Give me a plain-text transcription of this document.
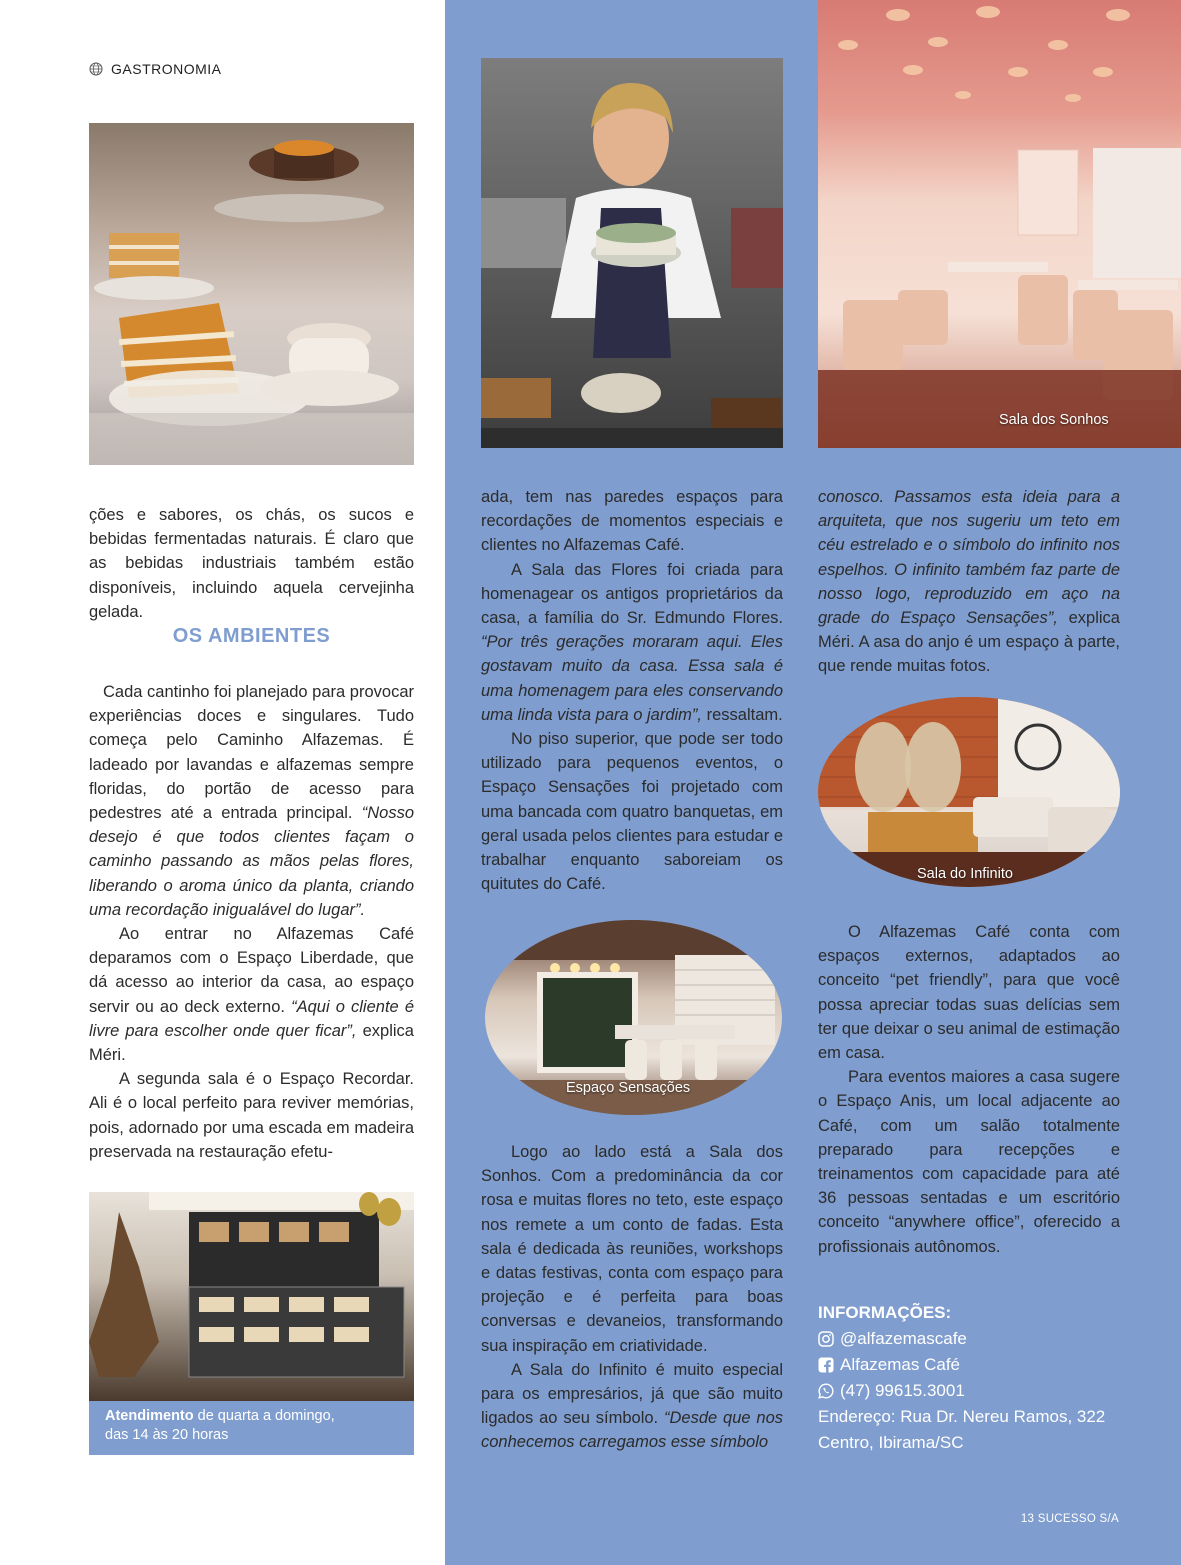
GASTRONOMIA
Sala dos Sonhos
Sala do Infinito
Espaço Sensações
Atendimento de quarta a domingo,
das 14 às 20 horas

ções e sabores, os chás, os sucos e bebidas fermentadas naturais. É claro que as bebidas industriais também estão disponíveis, incluindo aquela cervejinha gelada.

OS AMBIENTES

Cada cantinho foi planejado para provocar experiências doces e singulares. Tudo começa pelo Caminho Alfazemas. É ladeado por lavandas e alfazemas sempre floridas, do portão de acesso para pedestres até a entrada principal. “Nosso desejo é que todos clientes façam o caminho passando as mãos pelas flores, liberando o aroma único da planta, criando uma recordação inigualável do lugar”.

Ao entrar no Alfazemas Café deparamos com o Espaço Liberdade, que dá acesso ao interior da casa, ao espaço servir ou ao deck externo. “Aqui o cliente é livre para escolher onde quer ficar”, explica Méri.

A segunda sala é o Espaço Recordar. Ali é o local perfeito para reviver memórias, pois, adornado por uma escada em madeira preservada na restauração efetu-

ada, tem nas paredes espaços para recordações de momentos especiais e clientes no Alfazemas Café.

A Sala das Flores foi criada para homenagear os antigos proprietários da casa, a família do Sr. Edmundo Flores. “Por três gerações moraram aqui. Eles gostavam muito da casa. Essa sala é uma homenagem para eles conservando uma linda vista para o jardim”, ressaltam.

No piso superior, que pode ser todo utilizado para pequenos eventos, o Espaço Sensações foi projetado com uma bancada com quatro banquetas, em geral usada pelos clientes para estudar e trabalhar enquanto saboreiam os quitutes do Café.

Logo ao lado está a Sala dos Sonhos. Com a predominância da cor rosa e muitas flores no teto, este espaço nos remete a um conto de fadas. Esta sala é dedicada às reuniões, workshops e datas festivas, conta com espaço para projeção e é perfeita para boas conversas e devaneios, transformando sua inspiração em criatividade.

A Sala do Infinito é muito especial para os empresários, já que são muito ligados ao seu símbolo. “Desde que nos conhecemos carregamos esse símbolo

conosco. Passamos esta ideia para a arquiteta, que nos sugeriu um teto em céu estrelado e o símbolo do infinito nos espelhos. O infinito também faz parte de nosso logo, reproduzido em aço na grade do Espaço Sensações”, explica Méri. A asa do anjo é um espaço à parte, que rende muitas fotos.

O Alfazemas Café conta com espaços externos, adaptados ao conceito “pet friendly”, para que você possa apreciar todas suas delícias sem ter que deixar o seu animal de estimação em casa.

Para eventos maiores a casa sugere o Espaço Anis, um local adjacente ao Café, com um salão totalmente preparado para recepções e treinamentos com capacidade para até 36 pessoas sentadas e um escritório conceito “anywhere office”, oferecido a profissionais autônomos.

INFORMAÇÕES:
@alfazemascafe
Alfazemas Café
(47) 99615.3001
Endereço: Rua Dr. Nereu Ramos, 322
Centro, Ibirama/SC
13 SUCESSO S/A
